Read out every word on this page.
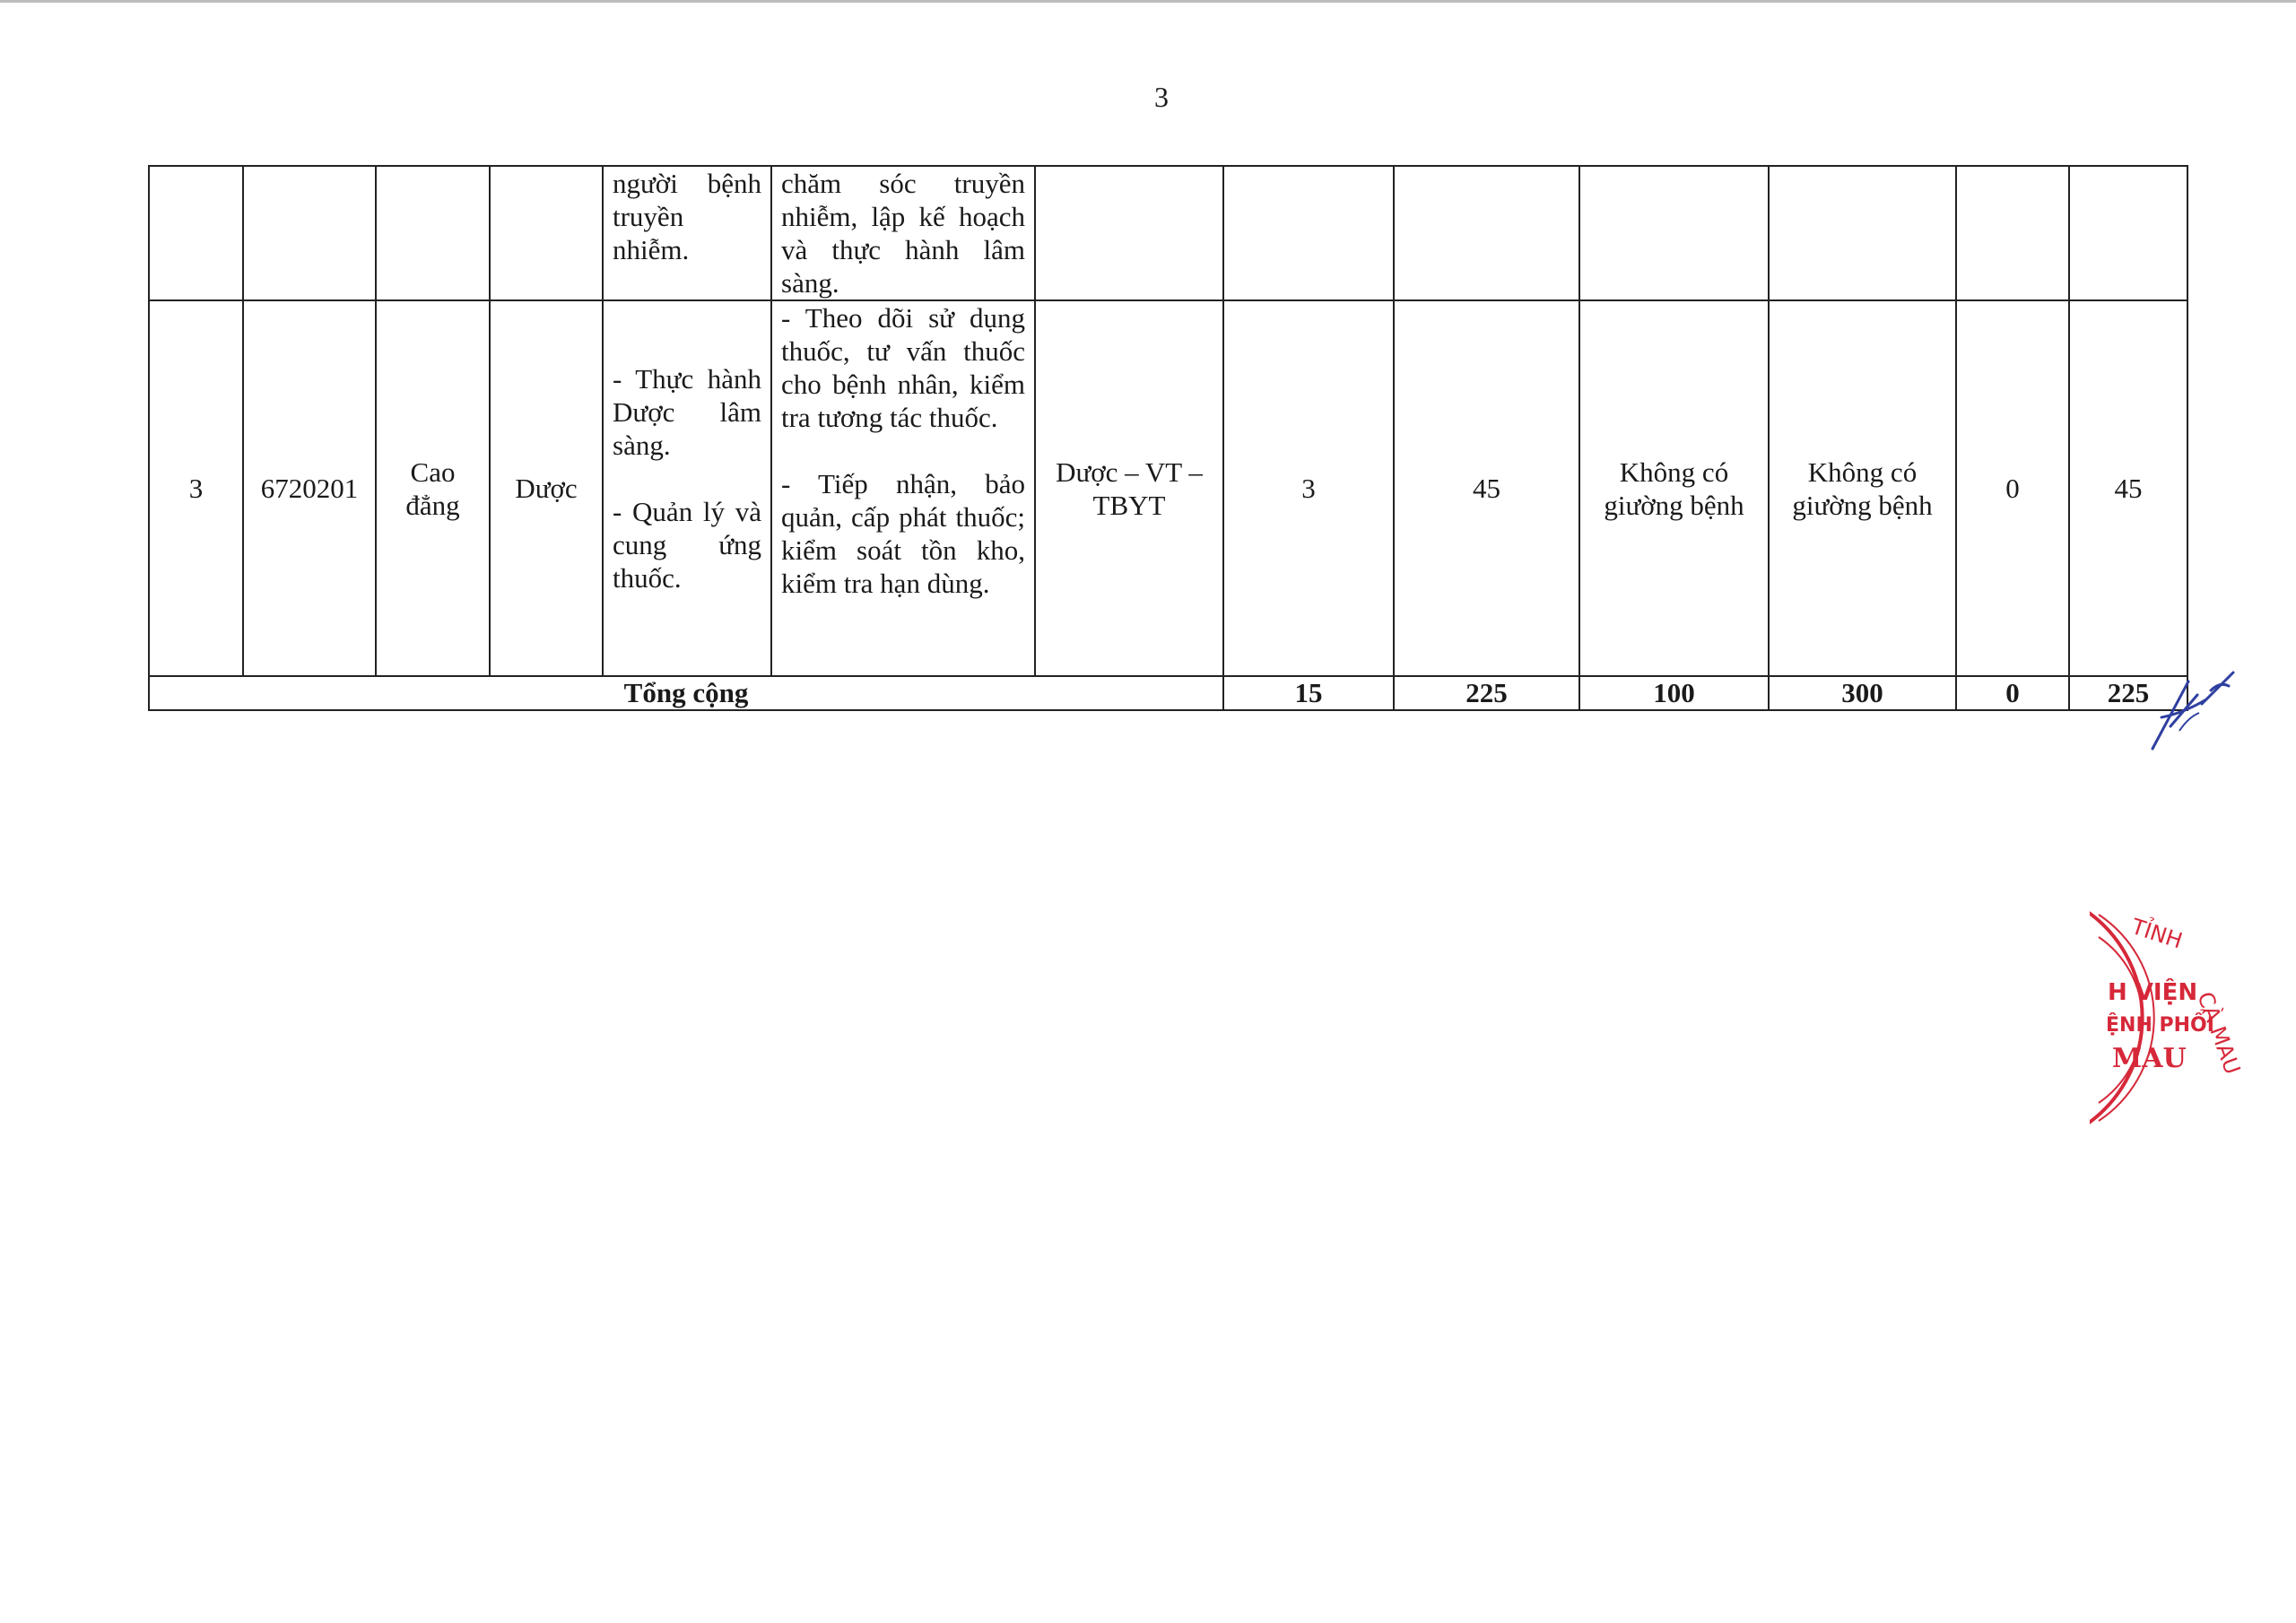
3
				người bệnh truyền nhiễm.	chăm sóc truyền nhiễm, lập kế hoạch và thực hành lâm sàng.							
3	6720201	Cao đẳng	Dược	- Thực hành Dược lâm sàng.

- Quản lý và cung ứng thuốc.	- Theo dõi sử dụng thuốc, tư vấn thuốc cho bệnh nhân, kiểm tra tương tác thuốc.

- Tiếp nhận, bảo quản, cấp phát thuốc; kiểm soát tồn kho, kiểm tra hạn dùng.	Dược – VT – TBYT	3	45	Không có giường bệnh	Không có giường bệnh	0	45
Tổng cộng							15	225	100	300	0	225
TỈNH
CÀ MAU
H VIỆN
ỆNH PHỔI
MAU
